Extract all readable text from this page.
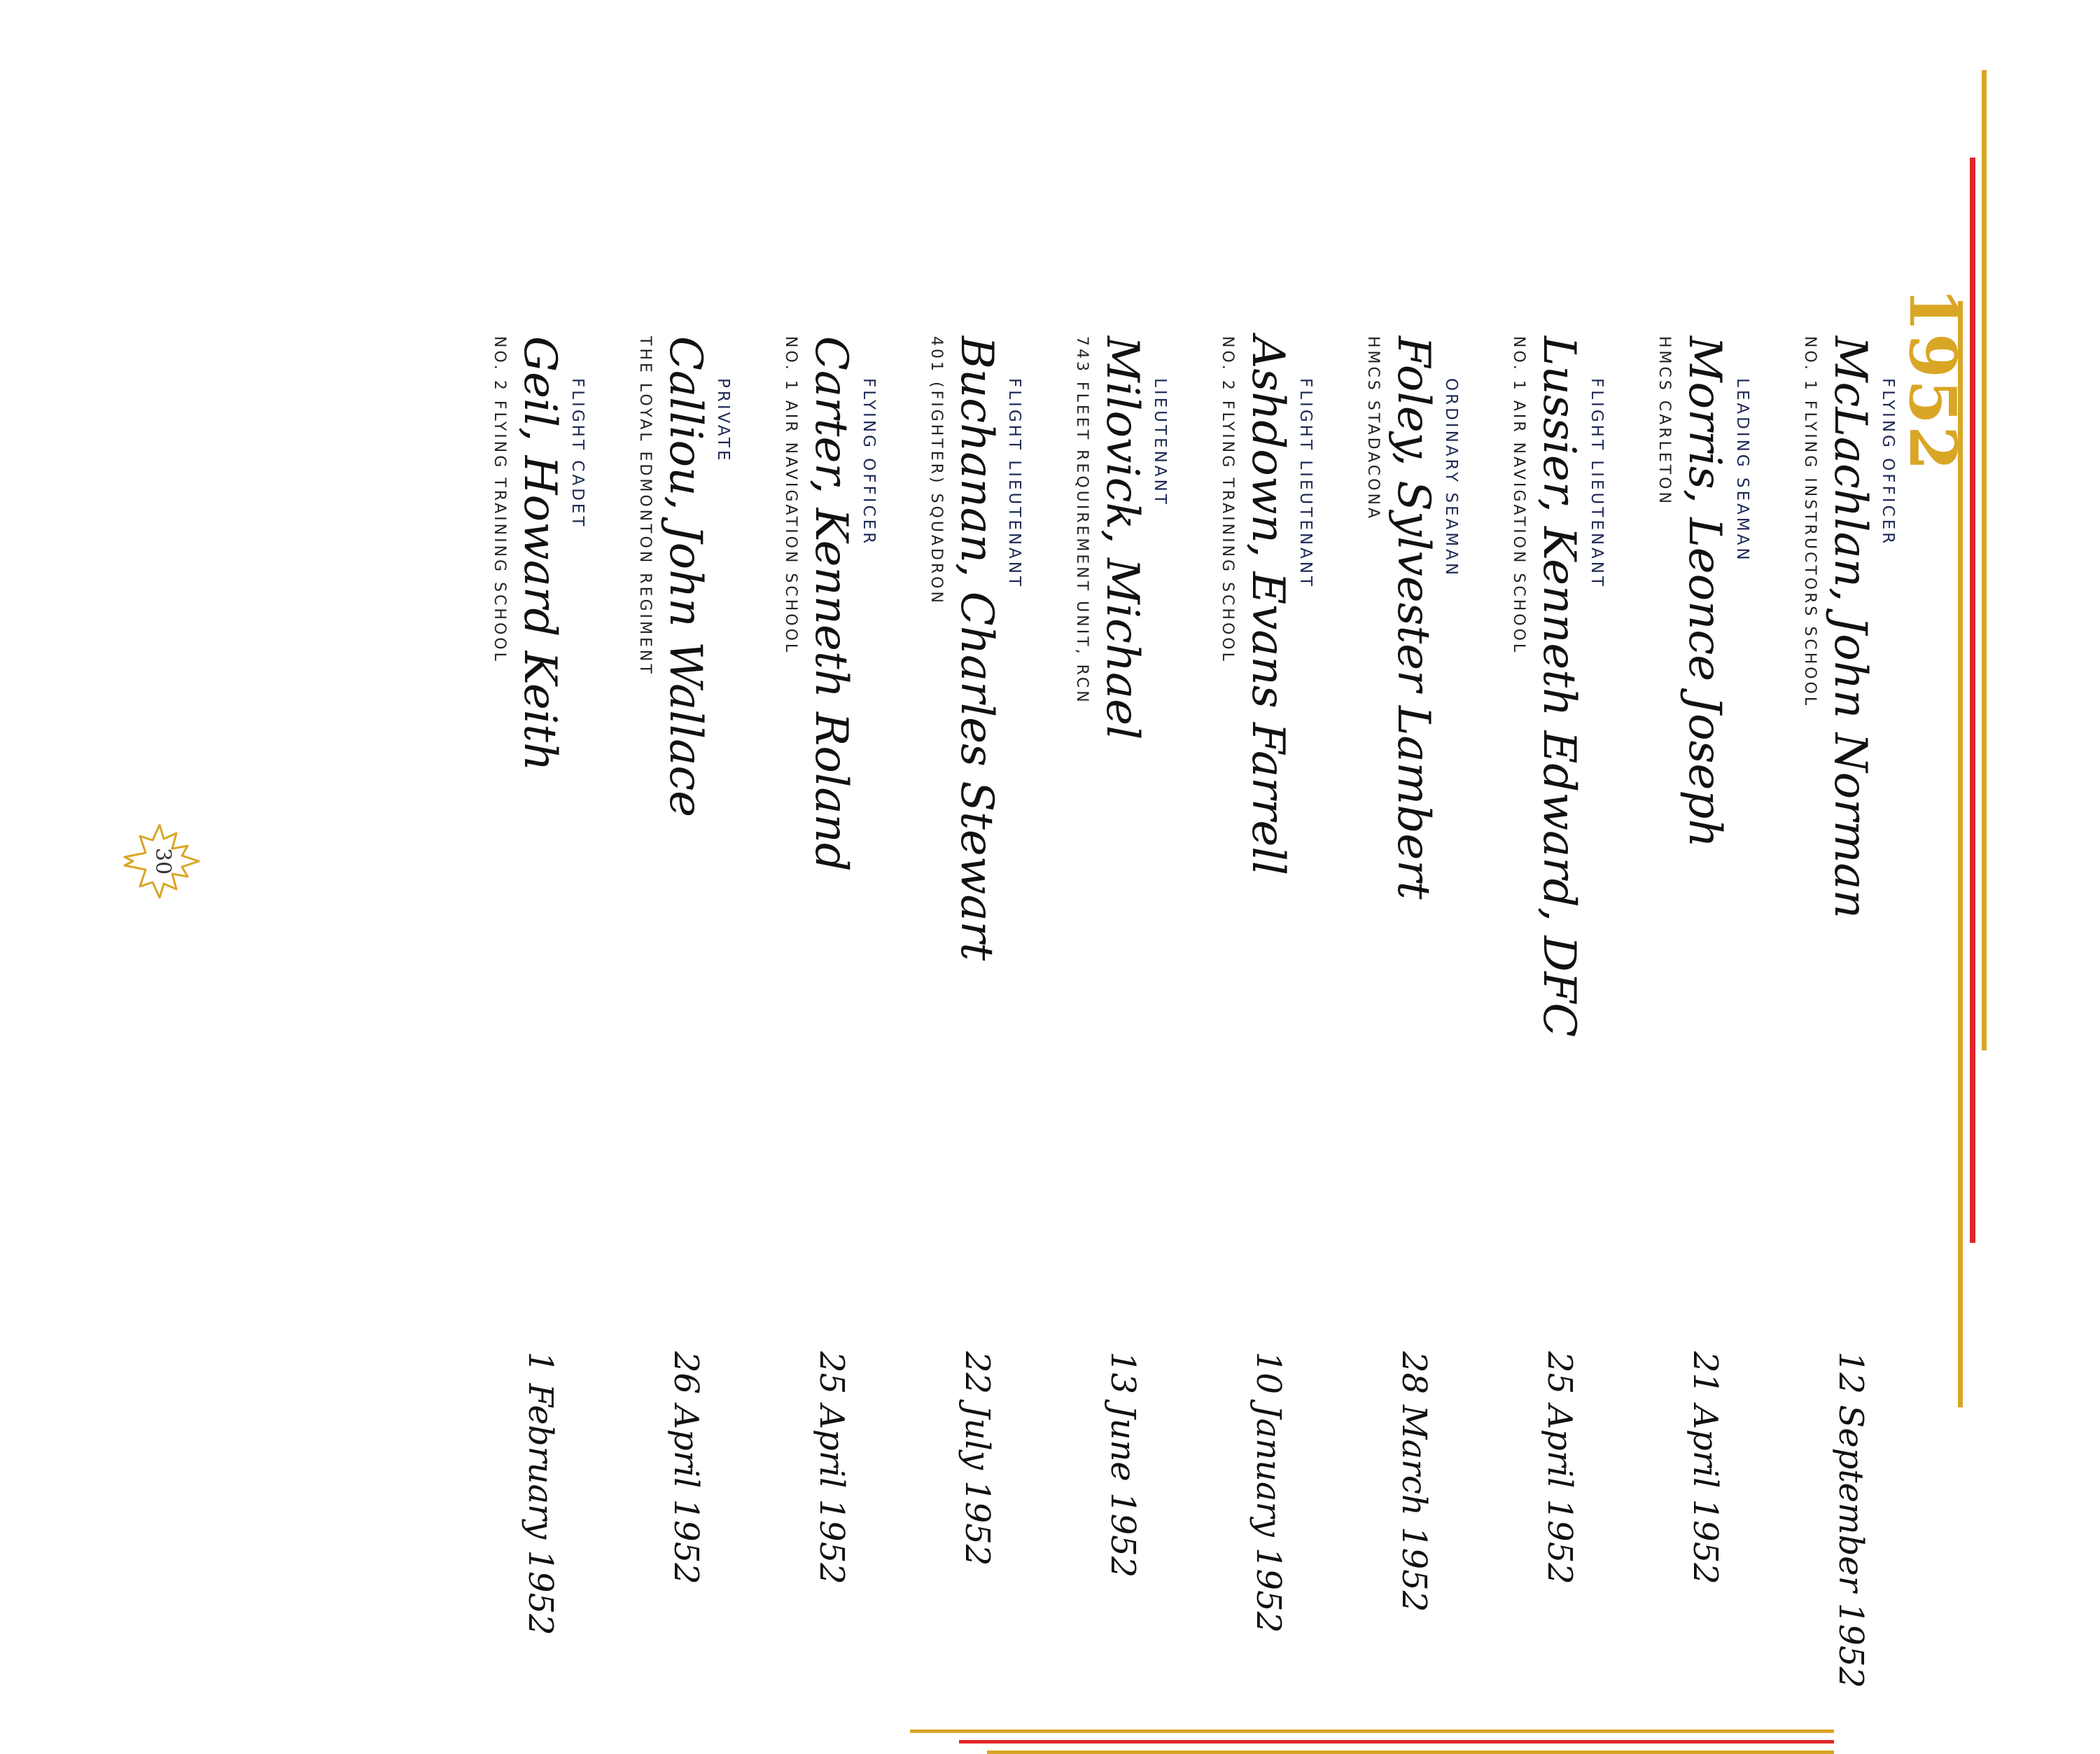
1952
FLYING OFFICER
McLachlan, John Norman
NO. 1 FLYING INSTRUCTORS SCHOOL
12 September 1952
LEADING SEAMAN
Morris, Leonce Joseph
HMCS CARLETON
21 April 1952
FLIGHT LIEUTENANT
Lussier, Kenneth Edward, DFC
NO. 1 AIR NAVIGATION SCHOOL
25 April 1952
ORDINARY SEAMAN
Foley, Sylvester Lambert
HMCS STADACONA
28 March 1952
FLIGHT LIEUTENANT
Ashdown, Evans Farrell
NO. 2 FLYING TRAINING SCHOOL
10 January 1952
LIEUTENANT
Milovick, Michael
743 FLEET REQUIREMENT UNIT, RCN
13 June 1952
FLIGHT LIEUTENANT
Buchanan, Charles Stewart
401 (FIGHTER) SQUADRON
22 July 1952
FLYING OFFICER
Carter, Kenneth Roland
NO. 1 AIR NAVIGATION SCHOOL
25 April 1952
PRIVATE
Calliou, John Wallace
THE LOYAL EDMONTON REGIMENT
26 April 1952
FLIGHT CADET
Geil, Howard Keith
NO. 2 FLYING TRAINING SCHOOL
1 February 1952
30
